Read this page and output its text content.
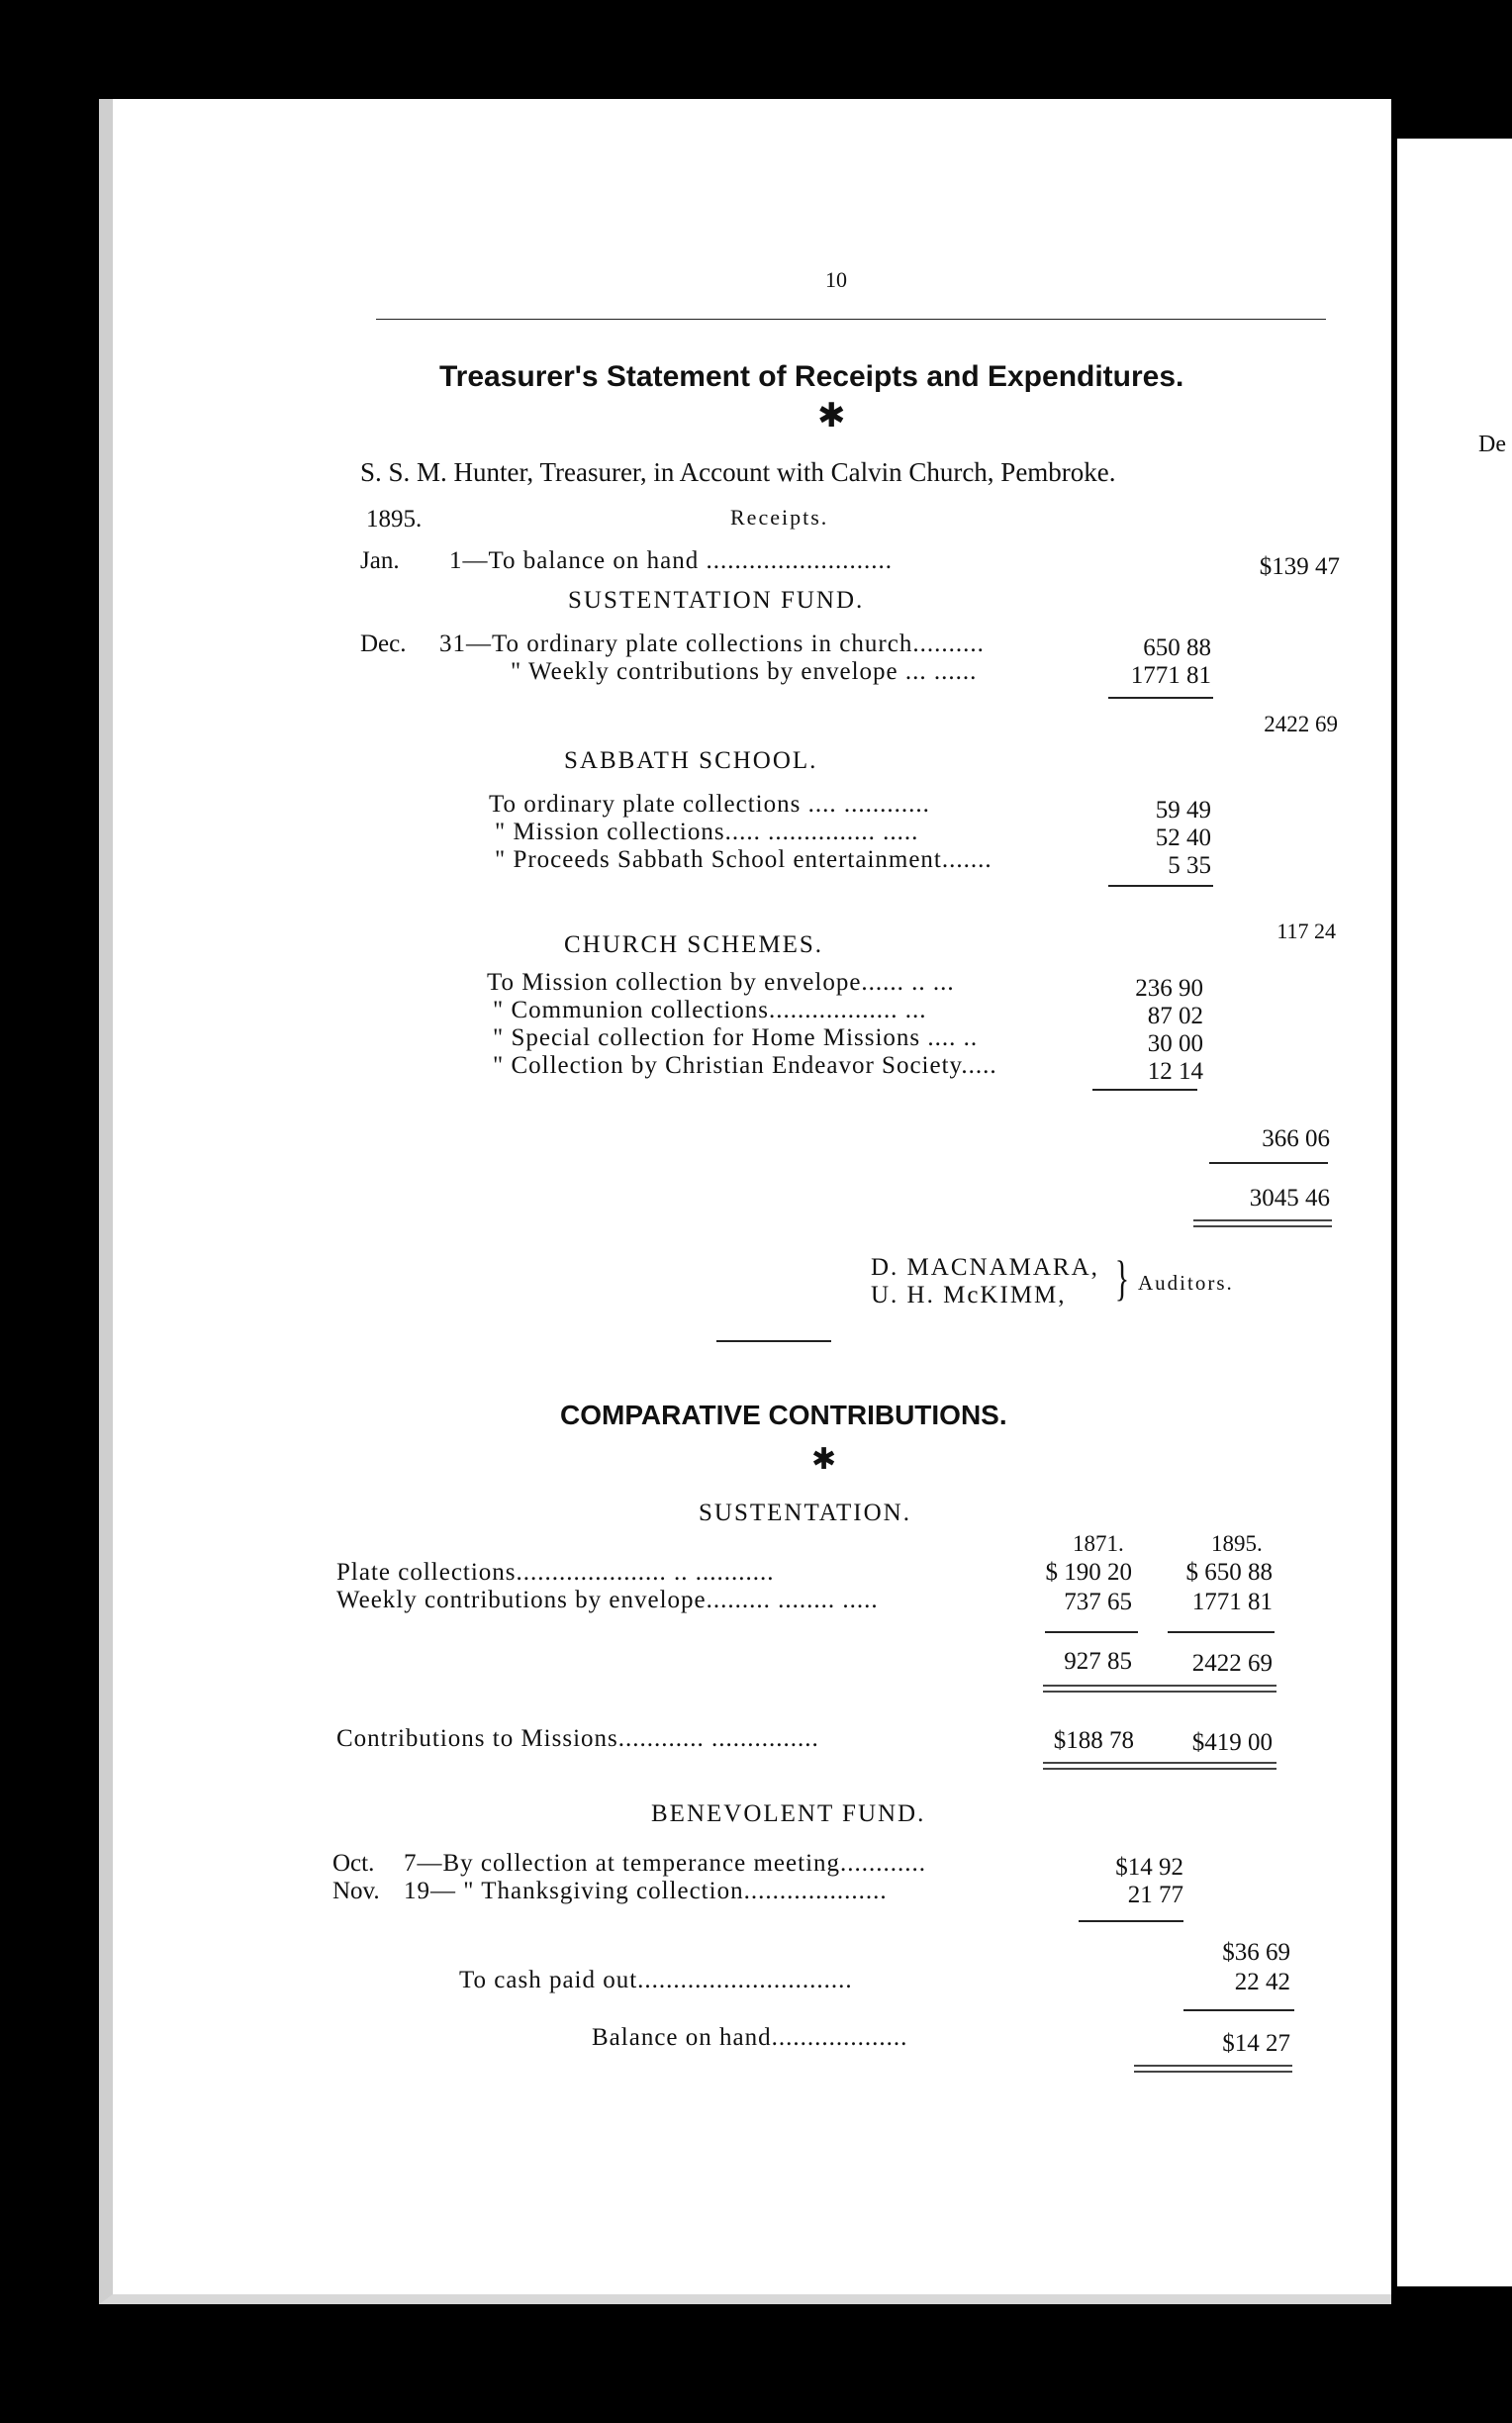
10
Treasurer's Statement of Receipts and Expenditures.
✱
S. S. M. Hunter, Treasurer, in Account with Calvin Church, Pembroke.
1895.	Receipts.
Jan. 1—To balance on hand ..........................	$139 47
SUSTENTATION FUND.
Dec. 31—To ordinary plate collections in church..........	650 88
" Weekly contributions by envelope ... ......	1771 81
2422 69
SABBATH SCHOOL.
To ordinary plate collections .... ............	59 49
" Mission collections..... ............... .....	52 40
" Proceeds Sabbath School entertainment.......	5 35
117 24
CHURCH SCHEMES.
To Mission collection by envelope...... .. ...	236 90
" Communion collections.................. ...	87 02
" Special collection for Home Missions .... ..	30 00
" Collection by Christian Endeavor Society.....	12 14
366 06
3045 46
D. MACNAMARA,
U. H. McKIMM, } Auditors.
COMPARATIVE CONTRIBUTIONS.
✱
SUSTENTATION.
1871.	1895.
Plate collections..................... .. ...........	$ 190 20	$ 650 88
Weekly contributions by envelope......... ........ .....	737 65	1771 81
927 85	2422 69
Contributions to Missions............ ...............	$188 78	$419 00
BENEVOLENT FUND.
Oct. 7—By collection at temperance meeting............	$14 92
Nov. 19— " Thanksgiving collection....................	21 77
$36 69
To cash paid out..............................	22 42
Balance on hand...................	$14 27
De
